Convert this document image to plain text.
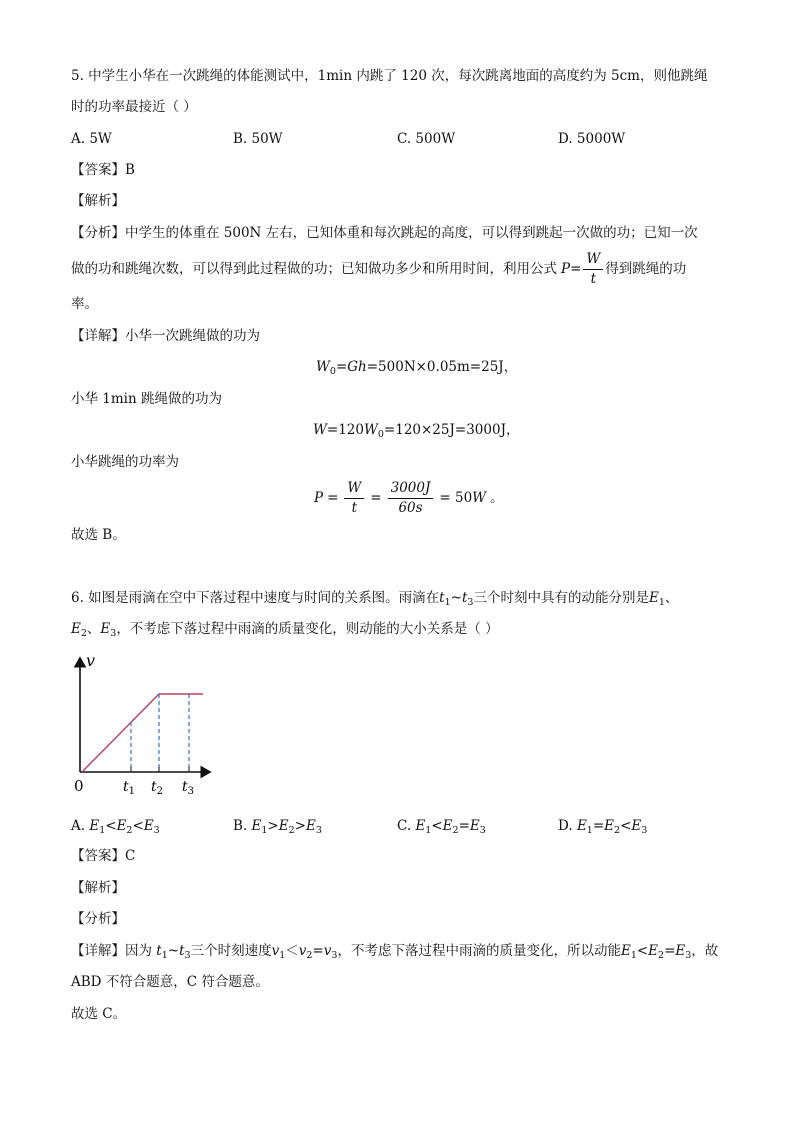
5. 中学生小华在一次跳绳的体能测试中，1min 内跳了 120 次，每次跳离地面的高度约为 5cm，则他跳绳
时的功率最接近（ ）
A. 5W	B. 50W	C. 500W	D. 5000W
【答案】B
【解析】
【分析】中学生的体重在 500N 左右，已知体重和每次跳起的高度，可以得到跳起一次做的功；已知一次
做的功和跳绳次数，可以得到此过程做的功；已知做功多少和所用时间，利用公式 $P = \frac{W}{t}$ 得到跳绳的功
率。
【详解】小华一次跳绳做的功为
$W_0=Gh=500N\times 0.05m=25J$，
小华 1min 跳绳做的功为
$W=120W_0=120\times 25J=3000J$，
小华跳绳的功率为
$P = \frac{W}{t} = \frac{3000J}{60s} = 50$ W 。
故选 B。
6. 如图是雨滴在空中下落过程中速度与时间的关系图。雨滴在$t_1\sim t_3$三个时刻中具有的动能分别是$E_1$、
$E_2$、$E_3$，不考虑下落过程中雨滴的质量变化，则动能的大小关系是（ ）
v
0	$t_1$ $t_2$ $t_3$
A. $E_1<E_2<E_3$	B. $E_1>E_2>E_3$	C. $E_1<E_2=E_3$	D. $E_1=E_2<E_3$
【答案】C
【解析】
【分析】
【详解】因为 $t_1\sim t_3$三个时刻速度$v_1<v_2=v_3$，不考虑下落过程中雨滴的质量变化，所以动能$E_1<E_2=E_3$，故
ABD 不符合题意，C 符合题意。
故选 C。
